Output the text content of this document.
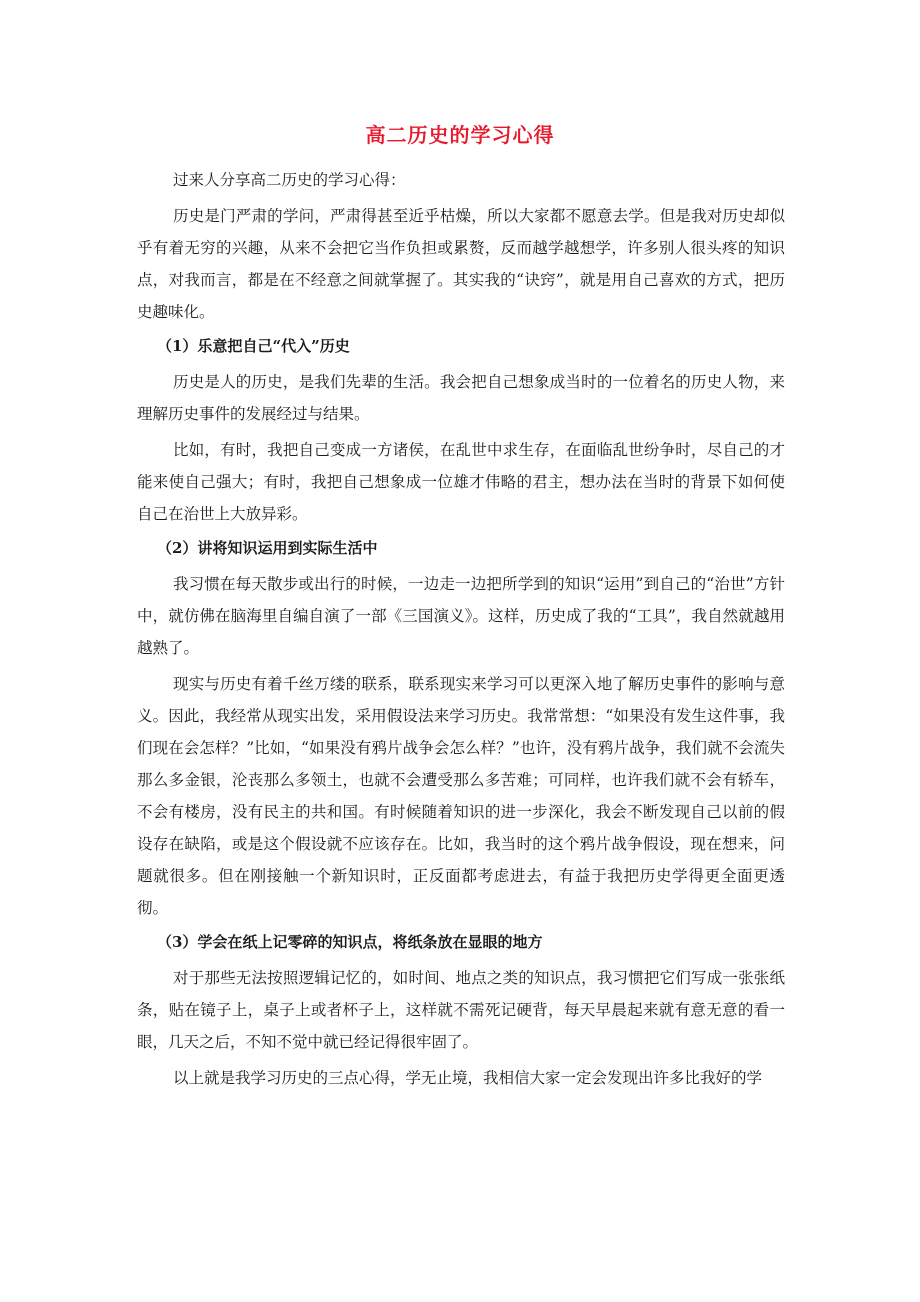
高二历史的学习心得

过来人分享高二历史的学习心得：

历史是门严肃的学问，严肃得甚至近乎枯燥，所以大家都不愿意去学。但是我对历史却似乎有着无穷的兴趣，从来不会把它当作负担或累赘，反而越学越想学，许多别人很头疼的知识点，对我而言，都是在不经意之间就掌握了。其实我的“诀窍”，就是用自己喜欢的方式，把历史趣味化。

（1）乐意把自己“代入”历史

历史是人的历史，是我们先辈的生活。我会把自己想象成当时的一位着名的历史人物，来理解历史事件的发展经过与结果。

比如，有时，我把自己变成一方诸侯，在乱世中求生存，在面临乱世纷争时，尽自己的才能来使自己强大；有时，我把自己想象成一位雄才伟略的君主，想办法在当时的背景下如何使自己在治世上大放异彩。

（2）讲将知识运用到实际生活中

我习惯在每天散步或出行的时候，一边走一边把所学到的知识“运用”到自己的“治世”方针中，就仿佛在脑海里自编自演了一部《三国演义》。这样，历史成了我的“工具”，我自然就越用越熟了。

现实与历史有着千丝万缕的联系，联系现实来学习可以更深入地了解历史事件的影响与意义。因此，我经常从现实出发，采用假设法来学习历史。我常常想：“如果没有发生这件事，我们现在会怎样？”比如，“如果没有鸦片战争会怎么样？”也许，没有鸦片战争，我们就不会流失那么多金银，沦丧那么多领土，也就不会遭受那么多苦难；可同样，也许我们就不会有轿车，不会有楼房，没有民主的共和国。有时候随着知识的进一步深化，我会不断发现自己以前的假设存在缺陷，或是这个假设就不应该存在。比如，我当时的这个鸦片战争假设，现在想来，问题就很多。但在刚接触一个新知识时，正反面都考虑进去，有益于我把历史学得更全面更透彻。

（3）学会在纸上记零碎的知识点，将纸条放在显眼的地方

对于那些无法按照逻辑记忆的，如时间、地点之类的知识点，我习惯把它们写成一张张纸条，贴在镜子上，桌子上或者杯子上，这样就不需死记硬背，每天早晨起来就有意无意的看一眼，几天之后，不知不觉中就已经记得很牢固了。

以上就是我学习历史的三点心得，学无止境，我相信大家一定会发现出许多比我好的学
